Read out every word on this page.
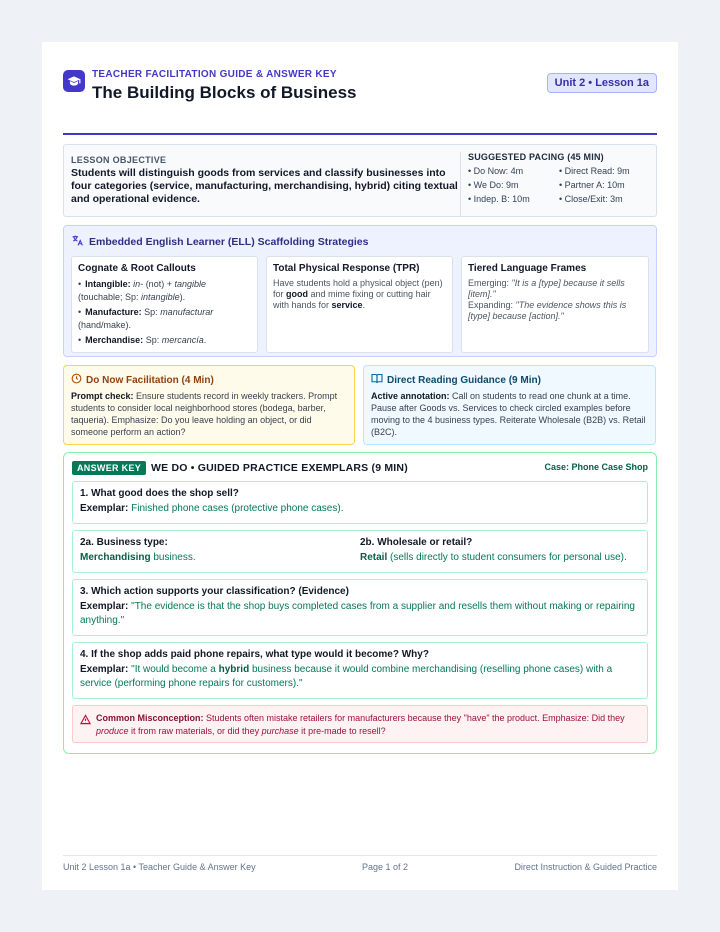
TEACHER FACILITATION GUIDE & ANSWER KEY
The Building Blocks of Business	Unit 2 • Lesson 1a
LESSON OBJECTIVE
Students will distinguish goods from services and classify businesses into four categories (service, manufacturing, merchandising, hybrid) citing textual and operational evidence.
SUGGESTED PACING (45 MIN)
• Do Now: 4m	• Direct Read: 9m
• We Do: 9m	• Partner A: 10m
• Indep. B: 10m	• Close/Exit: 3m
Embedded English Learner (ELL) Scaffolding Strategies
Cognate & Root Callouts
• Intangible: in- (not) + tangible (touchable; Sp: intangible).
• Manufacture: Sp: manufacturar (hand/make).
• Merchandise: Sp: mercancía.
Total Physical Response (TPR)
Have students hold a physical object (pen) for good and mime fixing or cutting hair with hands for service.
Tiered Language Frames
Emerging: "It is a [type] because it sells [item]."
Expanding: "The evidence shows this is [type] because [action]."
Do Now Facilitation (4 Min)
Prompt check: Ensure students record in weekly trackers. Prompt students to consider local neighborhood stores (bodega, barber, taqueria). Emphasize: Do you leave holding an object, or did someone perform an action?
Direct Reading Guidance (9 Min)
Active annotation: Call on students to read one chunk at a time. Pause after Goods vs. Services to check circled examples before moving to the 4 business types. Reiterate Wholesale (B2B) vs. Retail (B2C).
ANSWER KEY WE DO • GUIDED PRACTICE EXEMPLARS (9 MIN)	Case: Phone Case Shop
1. What good does the shop sell?
Exemplar: Finished phone cases (protective phone cases).
2a. Business type:
Merchandising business.
2b. Wholesale or retail?
Retail (sells directly to student consumers for personal use).
3. Which action supports your classification? (Evidence)
Exemplar: "The evidence is that the shop buys completed cases from a supplier and resells them without making or repairing anything."
4. If the shop adds paid phone repairs, what type would it become? Why?
Exemplar: "It would become a hybrid business because it would combine merchandising (reselling phone cases) with a service (performing phone repairs for customers)."
Common Misconception: Students often mistake retailers for manufacturers because they "have" the product. Emphasize: Did they produce it from raw materials, or did they purchase it pre-made to resell?
Unit 2 Lesson 1a • Teacher Guide & Answer Key	Page 1 of 2	Direct Instruction & Guided Practice
